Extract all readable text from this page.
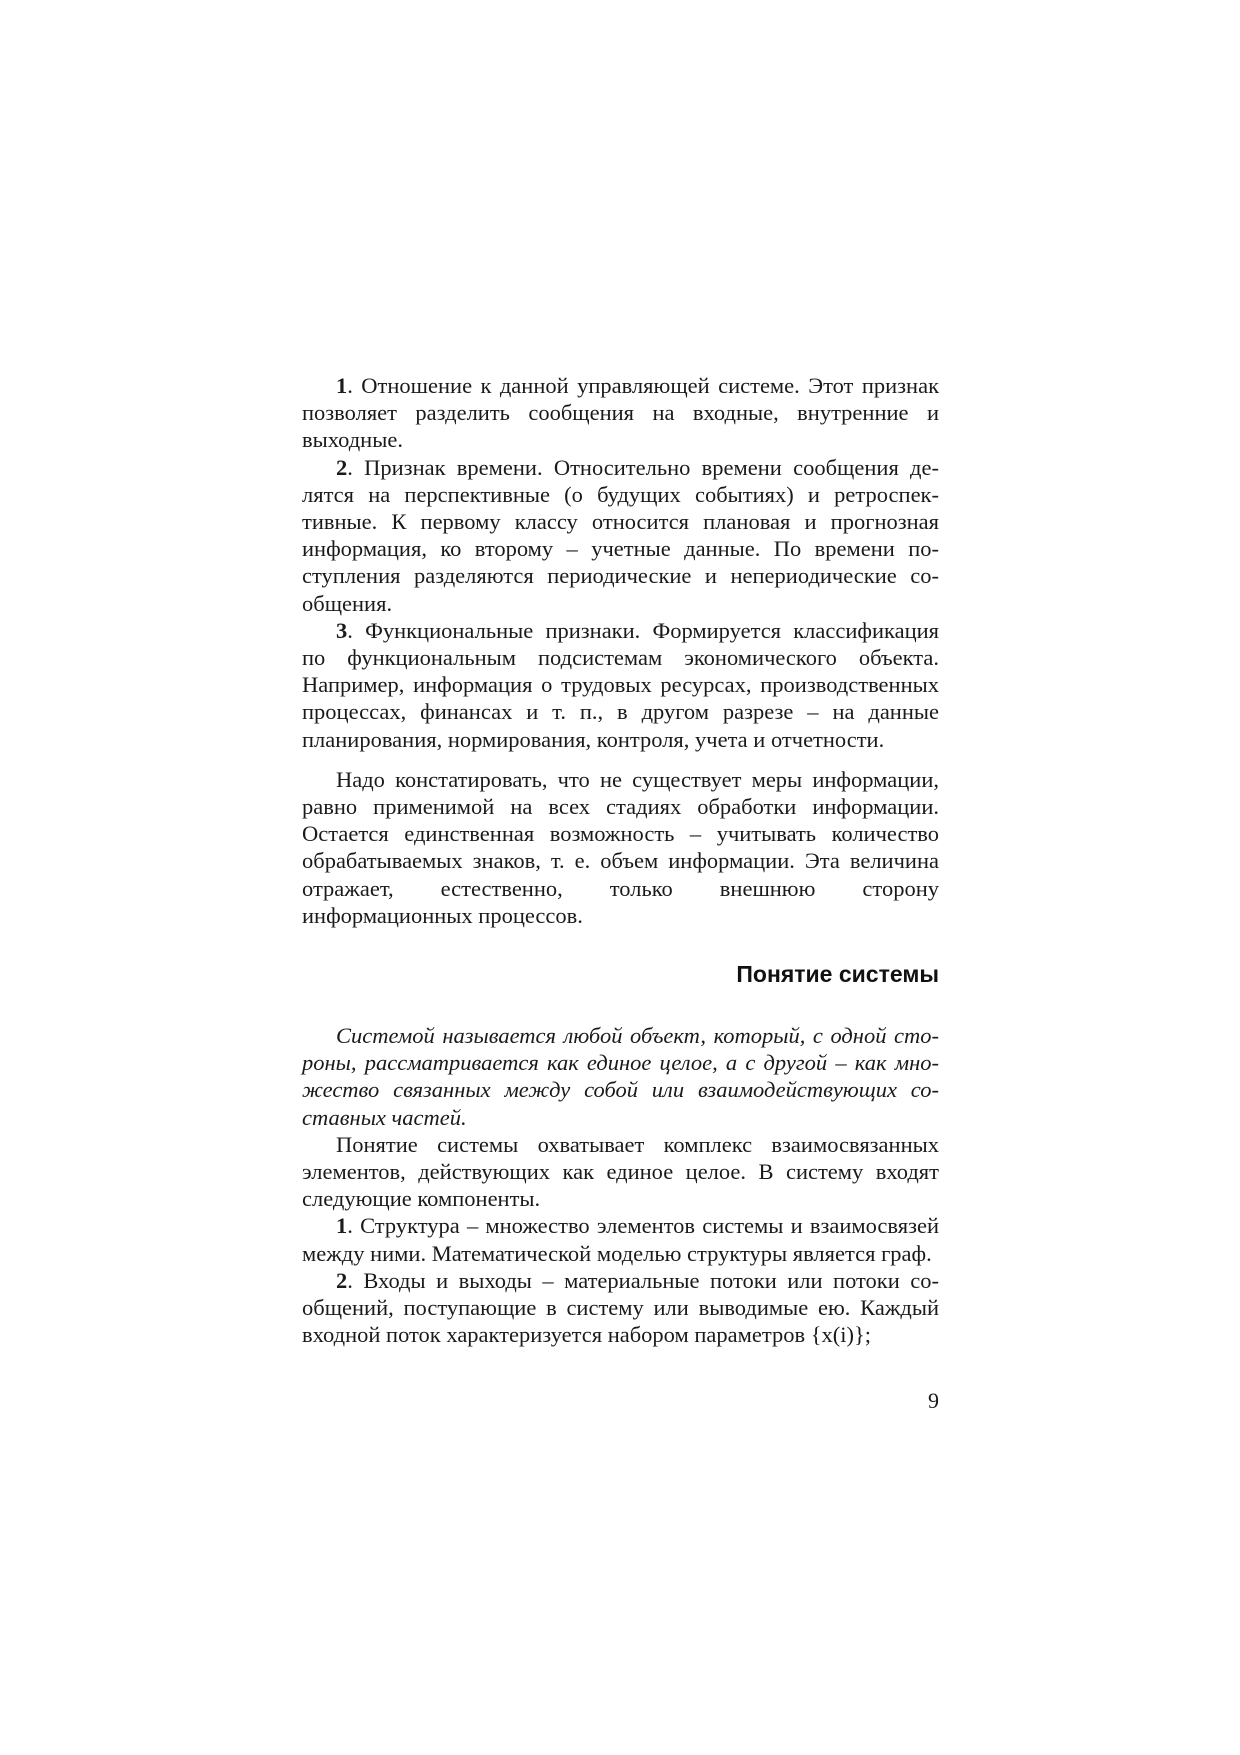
1. Отношение к данной управляющей системе. Этот признак позволяет разделить сообщения на входные, внутренние и выходные.

2. Признак времени. Относительно времени сообщения делятся на перспективные (о будущих событиях) и ретроспективные. К первому классу относится плановая и прогнозная информация, ко второму – учетные данные. По времени поступления разделяются периодические и непериодические сообщения.

3. Функциональные признаки. Формируется классификация по функциональным подсистемам экономического объекта. Например, информация о трудовых ресурсах, производственных процессах, финансах и т. п., в другом разрезе – на данные планирования, нормирования, контроля, учета и отчетности.

Надо констатировать, что не существует меры информации, равно применимой на всех стадиях обработки информации. Остается единственная возможность – учитывать количество обрабатываемых знаков, т. е. объем информации. Эта величина отражает, естественно, только внешнюю сторону информационных процессов.

Понятие системы

Системой называется любой объект, который, с одной стороны, рассматривается как единое целое, а с другой – как множество связанных между собой или взаимодействующих составных частей.

Понятие системы охватывает комплекс взаимосвязанных элементов, действующих как единое целое. В систему входят следующие компоненты.

1. Структура – множество элементов системы и взаимосвязей между ними. Математической моделью структуры является граф.

2. Входы и выходы – материальные потоки или потоки сообщений, поступающие в систему или выводимые ею. Каждый входной поток характеризуется набором параметров {x(i)};

9
